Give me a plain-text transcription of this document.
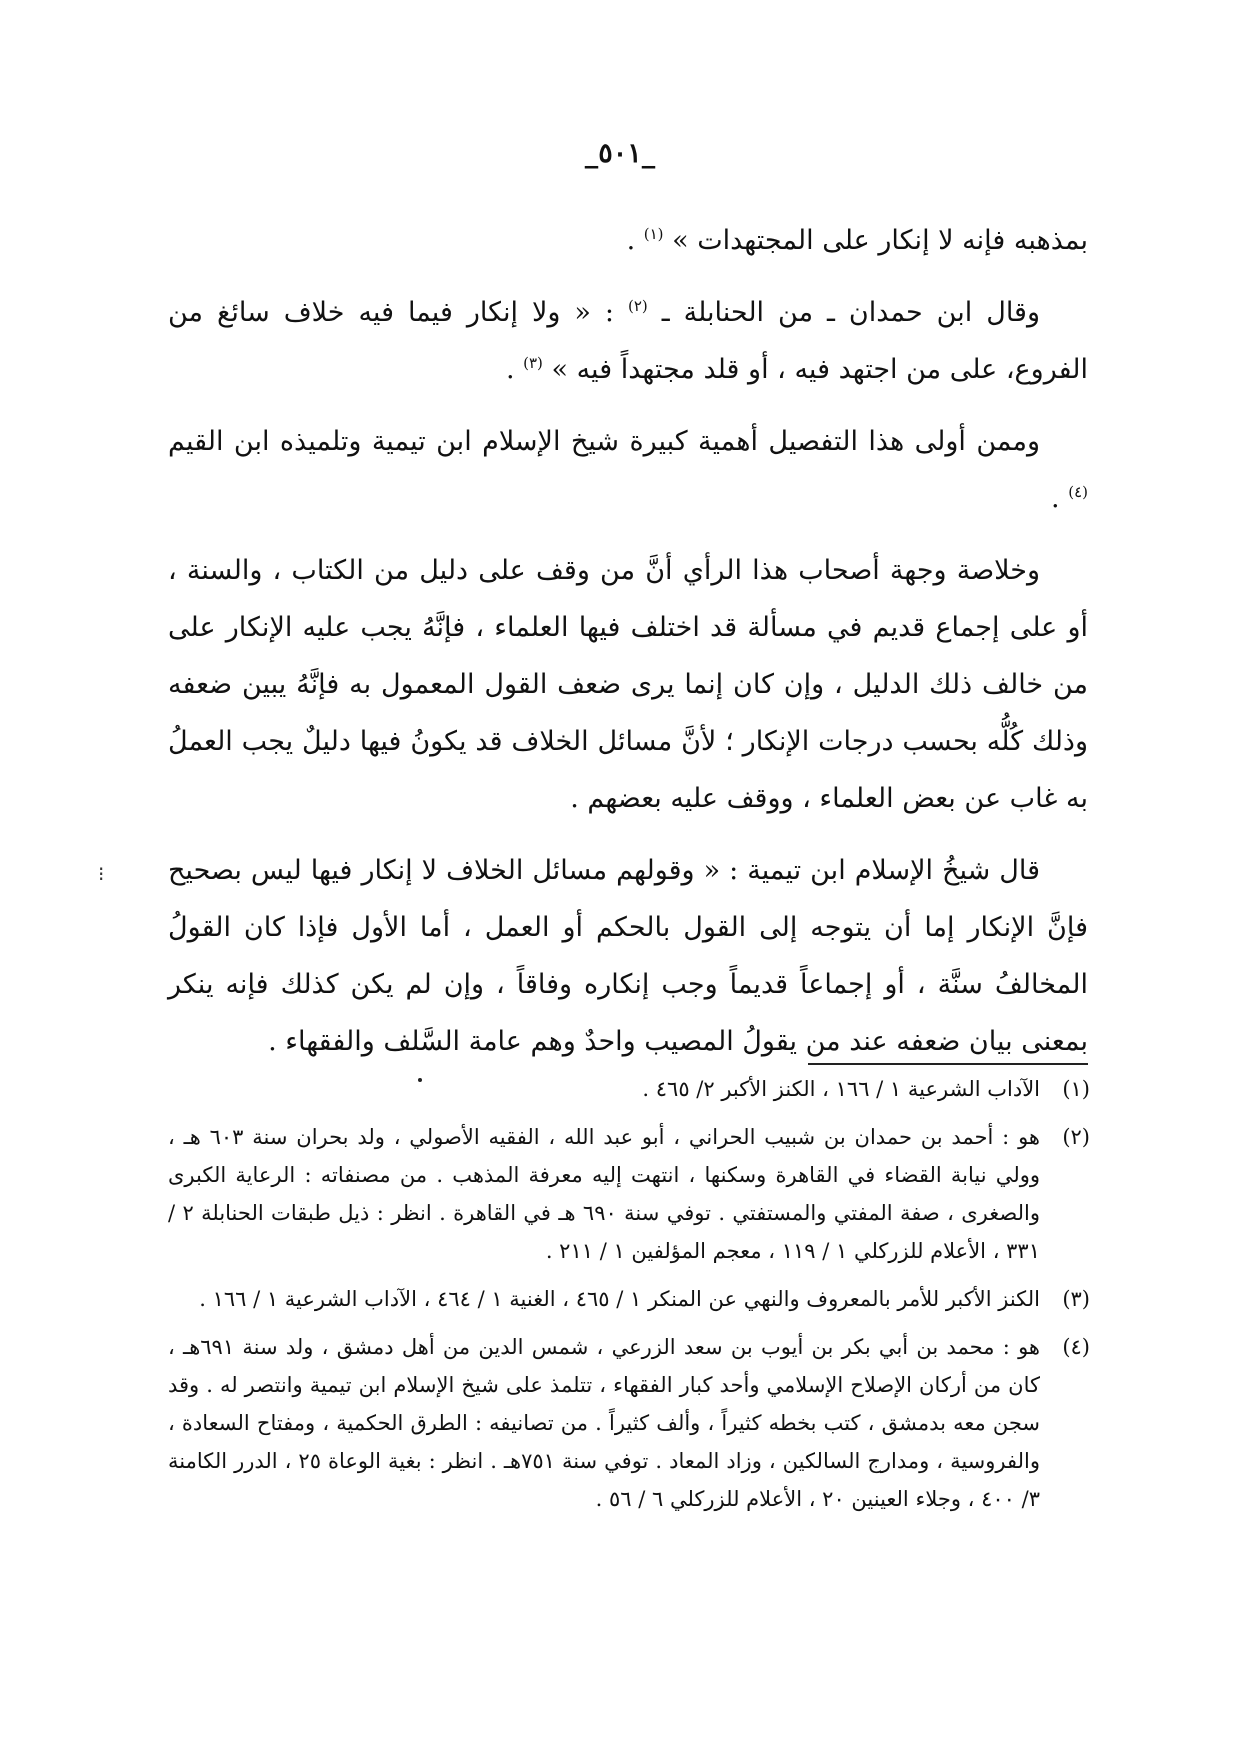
_٥٠١_
⁝

بمذهبه فإنه لا إنكار على المجتهدات » $^{(١)}$ .

وقال ابن حمدان ـ من الحنابلة ـ $^{(٢)}$ : « ولا إنكار فيما فيه خلاف سائغ من الفروع، على من اجتهد فيه ، أو قلد مجتهداً فيه » $^{(٣)}$ .

وممن أولى هذا التفصيل أهمية كبيرة شيخ الإسلام ابن تيمية وتلميذه ابن القيم $^{(٤)}$ .

وخلاصة وجهة أصحاب هذا الرأي أنَّ من وقف على دليل من الكتاب ، والسنة ، أو على إجماع قديم في مسألة قد اختلف فيها العلماء ، فإنَّهُ يجب عليه الإنكار على من خالف ذلك الدليل ، وإن كان إنما يرى ضعف القول المعمول به فإنَّهُ يبين ضعفه وذلك كُلُّه بحسب درجات الإنكار ؛ لأنَّ مسائل الخلاف قد يكونُ فيها دليلٌ يجب العملُ به غاب عن بعض العلماء ، ووقف عليه بعضهم .

قال شيخُ الإسلام ابن تيمية : « وقولهم مسائل الخلاف لا إنكار فيها ليس بصحيح فإنَّ الإنكار إما أن يتوجه إلى القول بالحكم أو العمل ، أما الأول فإذا كان القولُ المخالفُ سنَّة ، أو إجماعاً قديماً وجب إنكاره وفاقاً ، وإن لم يكن كذلك فإنه ينكر بمعنى بيان ضعفه عند من يقولُ المصيب واحدٌ وهم عامة السَّلف والفقهاء .

(١)الآداب الشرعية ١ / ١٦٦ ، الكنز الأكبر ٢/ ٤٦٥ .

(٢)هو : أحمد بن حمدان بن شبيب الحراني ، أبو عبد الله ، الفقيه الأصولي ، ولد بحران سنة ٦٠٣ هـ ، وولي نيابة القضاء في القاهرة وسكنها ، انتهت إليه معرفة المذهب . من مصنفاته : الرعاية الكبرى والصغرى ، صفة المفتي والمستفتي . توفي سنة ٦٩٠ هـ في القاهرة . انظر : ذيل طبقات الحنابلة ٢ / ٣٣١ ، الأعلام للزركلي ١ / ١١٩ ، معجم المؤلفين ١ / ٢١١ .

(٣)الكنز الأكبر للأمر بالمعروف والنهي عن المنكر ١ / ٤٦٥ ، الغنية ١ / ٤٦٤ ، الآداب الشرعية ١ / ١٦٦ .

(٤)هو : محمد بن أبي بكر بن أيوب بن سعد الزرعي ، شمس الدين من أهل دمشق ، ولد سنة ٦٩١هـ ، كان من أركان الإصلاح الإسلامي وأحد كبار الفقهاء ، تتلمذ على شيخ الإسلام ابن تيمية وانتصر له . وقد سجن معه بدمشق ، كتب بخطه كثيراً ، وألف كثيراً . من تصانيفه : الطرق الحكمية ، ومفتاح السعادة ، والفروسية ، ومدارج السالكين ، وزاد المعاد . توفي سنة ٧٥١هـ . انظر : بغية الوعاة ٢٥ ، الدرر الكامنة ٣/ ٤٠٠ ، وجلاء العينين ٢٠ ، الأعلام للزركلي ٦ / ٥٦ .
